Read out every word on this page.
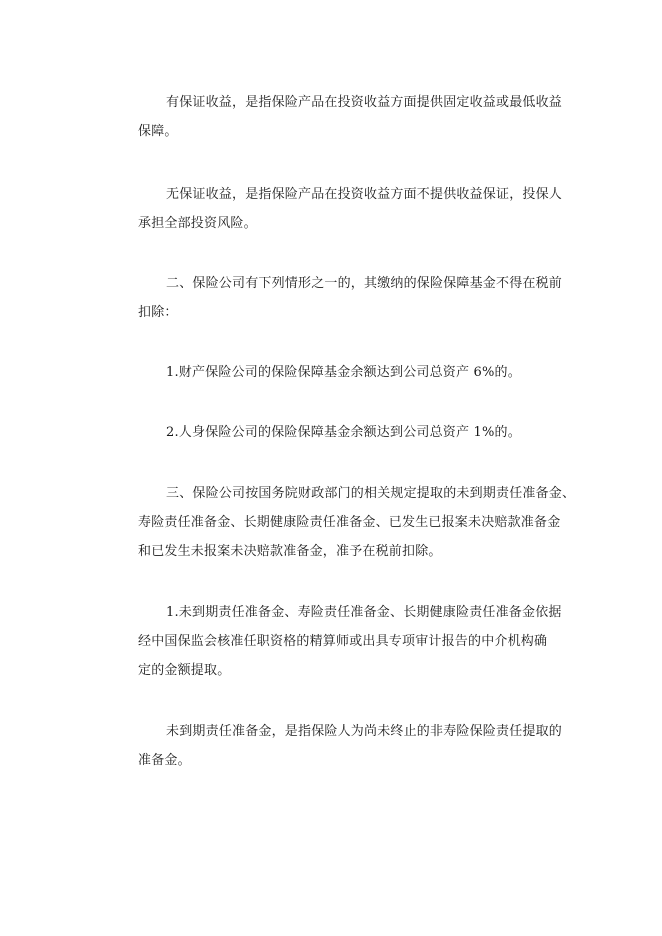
有保证收益，是指保险产品在投资收益方面提供固定收益或最低收益
保障。

无保证收益，是指保险产品在投资收益方面不提供收益保证，投保人
承担全部投资风险。

二、保险公司有下列情形之一的，其缴纳的保险保障基金不得在税前
扣除：

1.财产保险公司的保险保障基金余额达到公司总资产 6%的。

2.人身保险公司的保险保障基金余额达到公司总资产 1%的。

三、保险公司按国务院财政部门的相关规定提取的未到期责任准备金、
寿险责任准备金、长期健康险责任准备金、已发生已报案未决赔款准备金
和已发生未报案未决赔款准备金，准予在税前扣除。

1.未到期责任准备金、寿险责任准备金、长期健康险责任准备金依据
经中国保监会核准任职资格的精算师或出具专项审计报告的中介机构确
定的金额提取。

未到期责任准备金，是指保险人为尚未终止的非寿险保险责任提取的
准备金。
